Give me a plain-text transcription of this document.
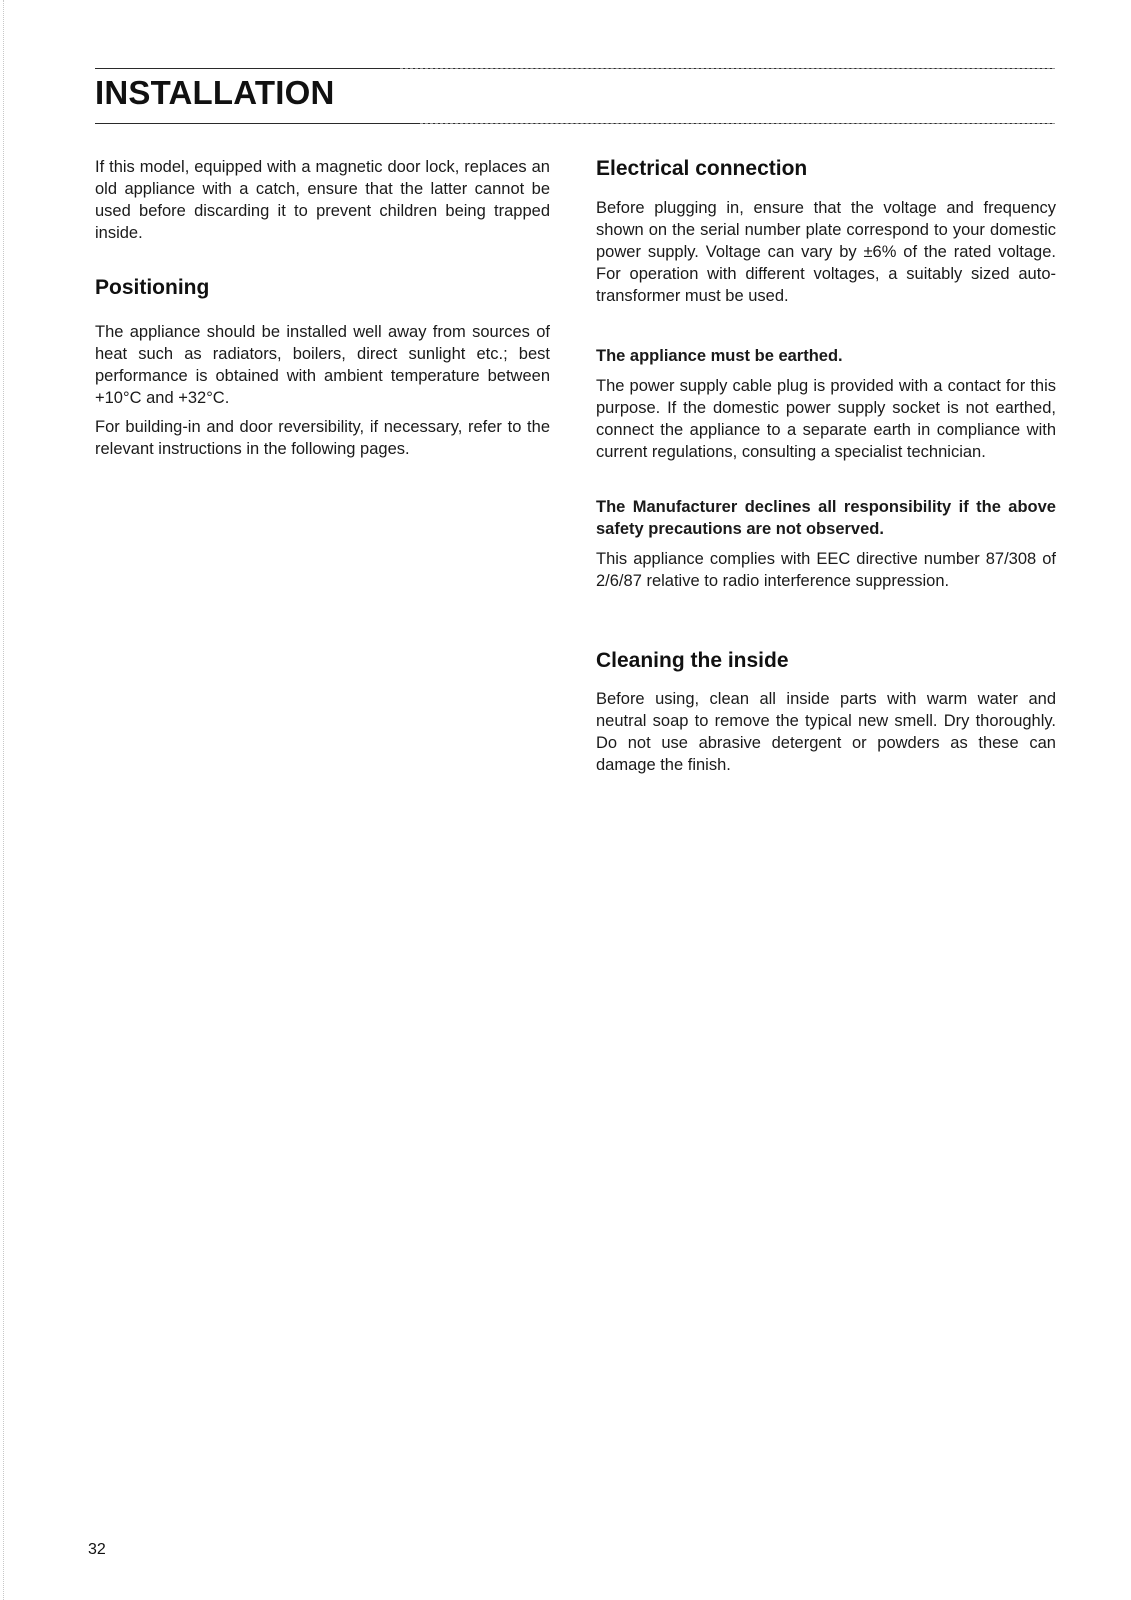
INSTALLATION

If this model, equipped with a magnetic door lock, replaces an old appliance with a catch, ensure that the latter cannot be used before discarding it to prevent children being trapped inside.

Positioning

The appliance should be installed well away from sources of heat such as radiators, boilers, direct sunlight etc.; best performance is obtained with ambient temperature between +10°C and +32°C.

For building-in and door reversibility, if necessary, refer to the relevant instructions in the following pages.

Electrical connection

Before plugging in, ensure that the voltage and frequency shown on the serial number plate correspond to your domestic power supply. Voltage can vary by ±6% of the rated voltage. For operation with different voltages, a suitably sized auto-transformer must be used.

The appliance must be earthed.

The power supply cable plug is provided with a contact for this purpose. If the domestic power supply socket is not earthed, connect the appliance to a separate earth in compliance with current regulations, consulting a specialist technician.

The Manufacturer declines all responsibility if the above safety precautions are not observed.

This appliance complies with EEC directive number 87/308 of 2/6/87 relative to radio interference suppression.

Cleaning the inside

Before using, clean all inside parts with warm water and neutral soap to remove the typical new smell. Dry thoroughly. Do not use abrasive detergent or powders as these can damage the finish.

32
